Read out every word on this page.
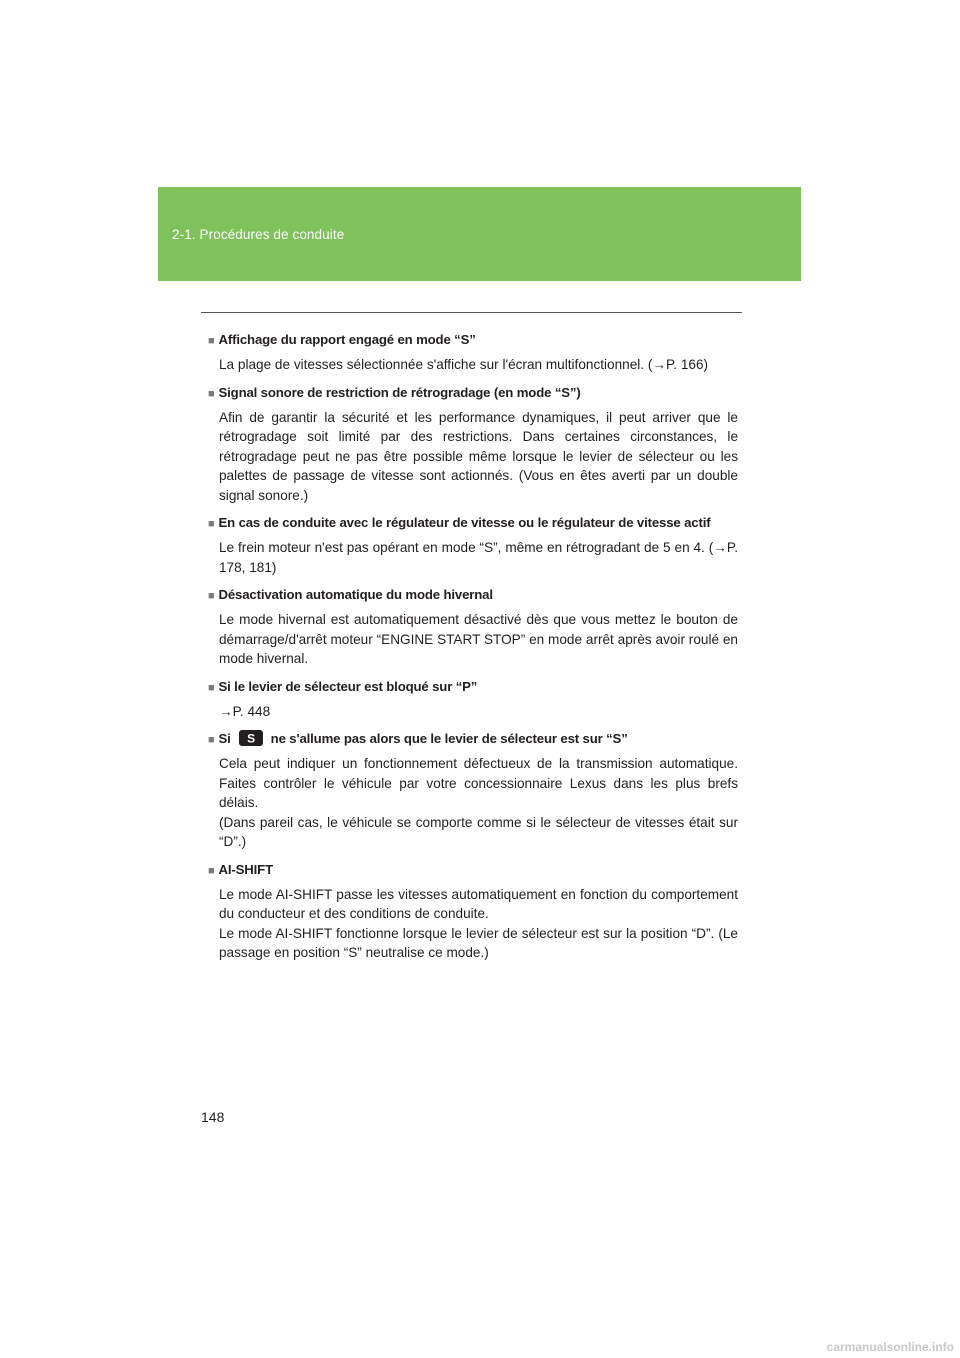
2-1. Procédures de conduite
■ Affichage du rapport engagé en mode “S”
La plage de vitesses sélectionnée s'affiche sur l'écran multifonctionnel. (→P. 166)
■ Signal sonore de restriction de rétrogradage (en mode “S”)
Afin de garantir la sécurité et les performance dynamiques, il peut arriver que le rétrogradage soit limité par des restrictions. Dans certaines circonstances, le rétrogradage peut ne pas être possible même lorsque le levier de sélecteur ou les palettes de passage de vitesse sont actionnés. (Vous en êtes averti par un double signal sonore.)
■ En cas de conduite avec le régulateur de vitesse ou le régulateur de vitesse actif
Le frein moteur n'est pas opérant en mode “S”, même en rétrogradant de 5 en 4. (→P. 178, 181)
■ Désactivation automatique du mode hivernal
Le mode hivernal est automatiquement désactivé dès que vous mettez le bouton de démarrage/d'arrêt moteur “ENGINE START STOP” en mode arrêt après avoir roulé en mode hivernal.
■ Si le levier de sélecteur est bloqué sur “P”
→P. 448
■ Si S ne s'allume pas alors que le levier de sélecteur est sur “S”
Cela peut indiquer un fonctionnement défectueux de la transmission automatique. Faites contrôler le véhicule par votre concessionnaire Lexus dans les plus brefs délais.
(Dans pareil cas, le véhicule se comporte comme si le sélecteur de vitesses était sur “D”.)
■ AI-SHIFT
Le mode AI-SHIFT passe les vitesses automatiquement en fonction du comportement du conducteur et des conditions de conduite.
Le mode AI-SHIFT fonctionne lorsque le levier de sélecteur est sur la position “D”. (Le passage en position “S” neutralise ce mode.)
148
carmanualsonline.info
